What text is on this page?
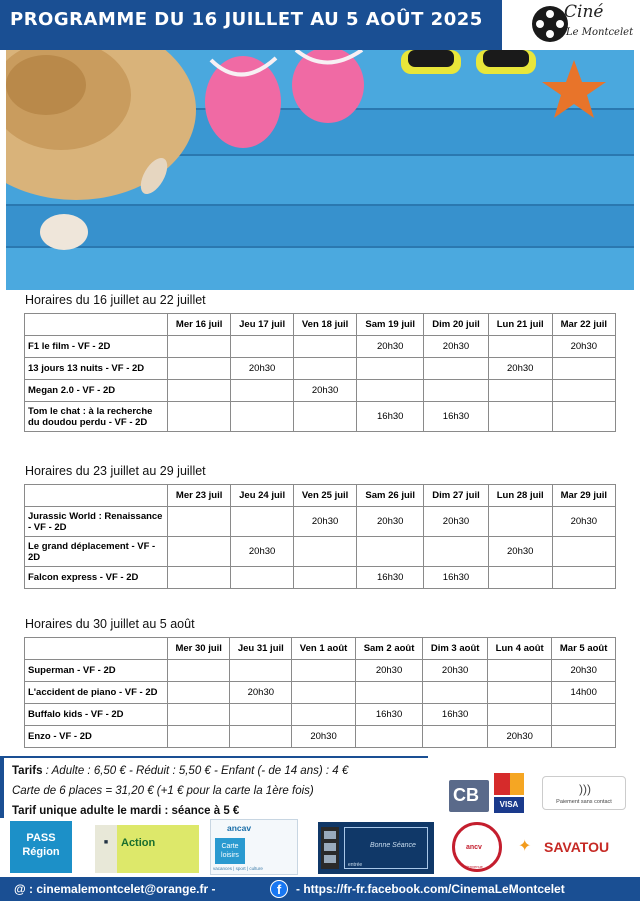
PROGRAMME DU 16 JUILLET AU 5 AOÛT 2025	Ciné
Le Montcelet
Horaires du 16 juillet au 22 juillet
	Mer 16 juil	Jeu 17 juil	Ven 18 juil	Sam 19 juil	Dim 20 juil	Lun 21 juil	Mar 22 juil
F1 le film - VF - 2D				20h30	20h30		20h30
13 jours 13 nuits - VF - 2D		20h30				20h30	
Megan 2.0 - VF - 2D			20h30				
Tom le chat : à la recherche du doudou perdu - VF - 2D				16h30	16h30		
Horaires du 23 juillet au 29 juillet
	Mer 23 juil	Jeu 24 juil	Ven 25 juil	Sam 26 juil	Dim 27 juil	Lun 28 juil	Mar 29 juil
Jurassic World : Renaissance - VF - 2D			20h30	20h30	20h30		20h30
Le grand déplacement - VF - 2D		20h30				20h30	
Falcon express - VF - 2D				16h30	16h30		
Horaires du 30 juillet au 5 août
	Mer 30 juil	Jeu 31 juil	Ven 1 août	Sam 2 août	Dim 3 août	Lun 4 août	Mar 5 août
Superman - VF - 2D				20h30	20h30		20h30
L'accident de piano - VF - 2D		20h30					14h00
Buffalo kids - VF - 2D				16h30	16h30		
Enzo - VF - 2D			20h30			20h30	
Tarifs : Adulte : 6,50 € - Réduit : 5,50 € - Enfant (- de 14 ans) : 4 €
Carte de 6 places = 31,20 € (+1 € pour la carte la 1ère fois)
Tarif unique adulte le mardi : séance à 5 €
CB	VISA
)))
Paiement sans contact
PASS
Région
■	Action
ancav
Carte loisirs
vacances | sport | culture
Bonne Séance
entrée
ancv
Bienvenue
✦ SAVATOU
@ : cinemalemontcelet@orange.fr -	f	- https://fr-fr.facebook.com/CinemaLeMontcelet
